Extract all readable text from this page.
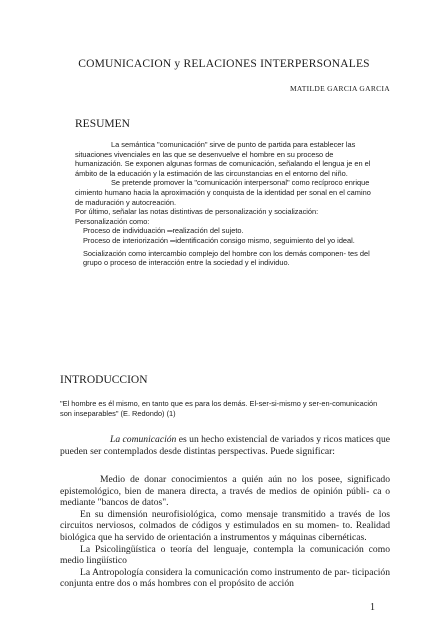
COMUNICACION y RELACIONES INTERPERSONALES
MATILDE GARCIA GARCIA
RESUMEN

La semántica "comunicación" sirve de punto de partida para establecer las situaciones vivenciales en las que se desenvuelve el hombre en su proceso de humanización. Se exponen algunas formas de comunicación, señalando el lengua je en el ámbito de la educación y la estimación de las circunstancias en el entorno del niño.

Se pretende promover la "comunicación interpersonal" como recíproco enrique cimiento humano hacia la aproximación y conquista de la identidad per sonal en el camino de maduración y autocreación.

Por último, señalar las notas distintivas de personalización y socialización:

Personalización como:

Proceso de individuación ═realización del sujeto.

Proceso de interiorización ═identificación consigo mismo, seguimiento del yo ideal.

Socialización como intercambio complejo del hombre con los demás componen- tes del grupo o proceso de interacción entre la sociedad y el individuo.

INTRODUCCION
"El hombre es él mismo, en tanto que es para los demás. El-ser-si-mismo y ser-en-comunicación son inseparables" (E. Redondo) (1)

La comunicación es un hecho existencial de variados y ricos matices que pueden ser contemplados desde distintas perspectivas. Puede significar:

Medio de donar conocimientos a quién aún no los posee, significado epistemológico, bien de manera directa, a través de medios de opinión públi- ca o mediante "bancos de datos".

En su dimensión neurofisiológica, como mensaje transmitido a través de los circuitos nerviosos, colmados de códigos y estimulados en su momen- to. Realidad biológica que ha servido de orientación a instrumentos y máquinas cibernéticas.

La Psicolingüística o teoría del lenguaje, contempla la comunicación como medio lingüístico

La Antropología considera la comunicación como instrumento de par- ticipación conjunta entre dos o más hombres con el propósito de acción

1
